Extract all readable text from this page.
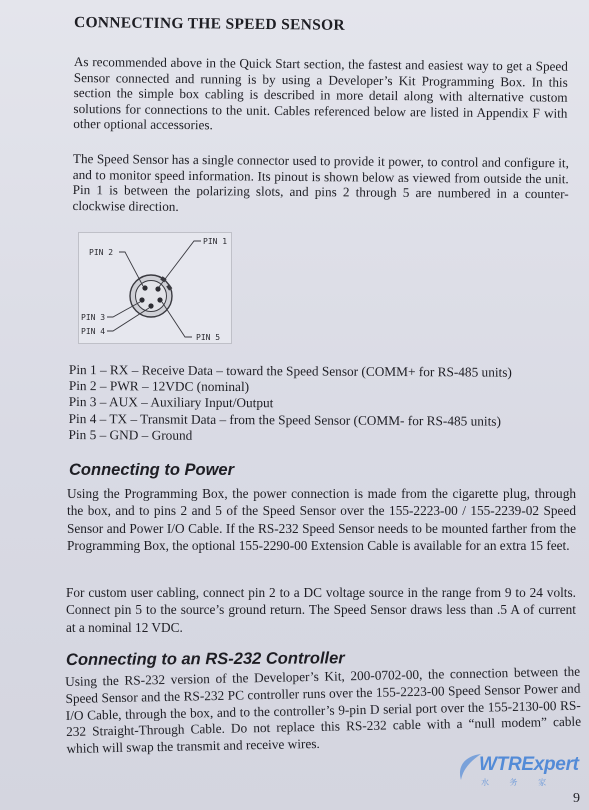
CONNECTING THE SPEED SENSOR

As recommended above in the Quick Start section, the fastest and easiest way to get a Speed Sensor connected and running is by using a Developer’s Kit Programming Box. In this section the simple box cabling is described in more detail along with alternative custom solutions for connections to the unit. Cables referenced below are listed in Appendix F with other optional accessories.

The Speed Sensor has a single connector used to provide it power, to control and configure it, and to monitor speed information. Its pinout is shown below as viewed from outside the unit. Pin 1 is between the polarizing slots, and pins 2 through 5 are numbered in a counter-clockwise direction.

PIN 1
PIN 2
PIN 3
PIN 4
PIN 5
Pin 1 – RX – Receive Data – toward the Speed Sensor (COMM+ for RS-485 units)
Pin 2 – PWR – 12VDC (nominal)
Pin 3 – AUX – Auxiliary Input/Output
Pin 4 – TX – Transmit Data – from the Speed Sensor (COMM- for RS-485 units)
Pin 5 – GND – Ground
Connecting to Power

Using the Programming Box, the power connection is made from the cigarette plug, through the box, and to pins 2 and 5 of the Speed Sensor over the 155-2223-00 / 155-2239-02 Speed Sensor and Power I/O Cable. If the RS-232 Speed Sensor needs to be mounted farther from the Programming Box, the optional 155-2290-00 Extension Cable is available for an extra 15 feet.

For custom user cabling, connect pin 2 to a DC voltage source in the range from 9 to 24 volts. Connect pin 5 to the source’s ground return. The Speed Sensor draws less than .5 A of current at a nominal 12 VDC.

Connecting to an RS-232 Controller

Using the RS-232 version of the Developer’s Kit, 200-0702-00, the connection between the Speed Sensor and the RS-232 PC controller runs over the 155-2223-00 Speed Sensor Power and I/O Cable, through the box, and to the controller’s 9-pin D serial port over the 155-2130-00 RS-232 Straight-Through Cable. Do not replace this RS-232 cable with a “null modem” cable which will swap the transmit and receive wires.

WTRExpert
水 务 家

9
